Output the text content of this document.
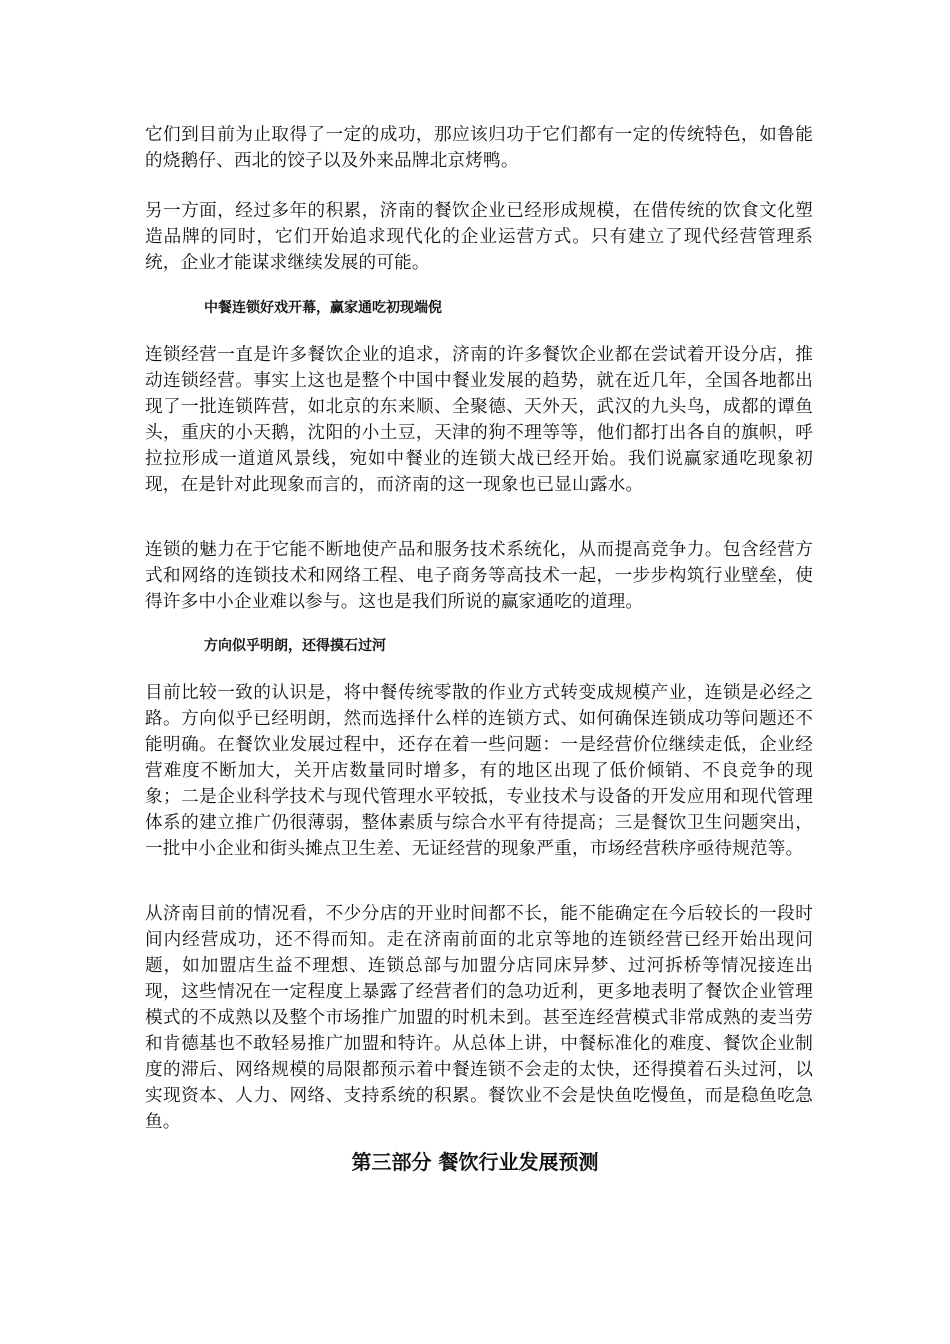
它们到目前为止取得了一定的成功，那应该归功于它们都有一定的传统特色，如鲁能的烧鹅仔、西北的饺子以及外来品牌北京烤鸭。

另一方面，经过多年的积累，济南的餐饮企业已经形成规模，在借传统的饮食文化塑造品牌的同时，它们开始追求现代化的企业运营方式。只有建立了现代经营管理系统，企业才能谋求继续发展的可能。

中餐连锁好戏开幕，赢家通吃初现端倪

连锁经营一直是许多餐饮企业的追求，济南的许多餐饮企业都在尝试着开设分店，推动连锁经营。事实上这也是整个中国中餐业发展的趋势，就在近几年，全国各地都出现了一批连锁阵营，如北京的东来顺、全聚德、天外天，武汉的九头鸟，成都的谭鱼头，重庆的小天鹅，沈阳的小土豆，天津的狗不理等等，他们都打出各自的旗帜，呼拉拉形成一道道风景线，宛如中餐业的连锁大战已经开始。我们说赢家通吃现象初现，在是针对此现象而言的，而济南的这一现象也已显山露水。

连锁的魅力在于它能不断地使产品和服务技术系统化，从而提高竞争力。包含经营方式和网络的连锁技术和网络工程、电子商务等高技术一起，一步步构筑行业壁垒，使得许多中小企业难以参与。这也是我们所说的赢家通吃的道理。

方向似乎明朗，还得摸石过河

目前比较一致的认识是，将中餐传统零散的作业方式转变成规模产业，连锁是必经之路。方向似乎已经明朗，然而选择什么样的连锁方式、如何确保连锁成功等问题还不能明确。在餐饮业发展过程中，还存在着一些问题：一是经营价位继续走低，企业经营难度不断加大，关开店数量同时增多，有的地区出现了低价倾销、不良竞争的现象；二是企业科学技术与现代管理水平较抵，专业技术与设备的开发应用和现代管理体系的建立推广仍很薄弱，整体素质与综合水平有待提高；三是餐饮卫生问题突出，一批中小企业和街头摊点卫生差、无证经营的现象严重，市场经营秩序亟待规范等。

从济南目前的情况看，不少分店的开业时间都不长，能不能确定在今后较长的一段时间内经营成功，还不得而知。走在济南前面的北京等地的连锁经营已经开始出现问题，如加盟店生益不理想、连锁总部与加盟分店同床异梦、过河拆桥等情况接连出现，这些情况在一定程度上暴露了经营者们的急功近利，更多地表明了餐饮企业管理模式的不成熟以及整个市场推广加盟的时机未到。甚至连经营模式非常成熟的麦当劳和肯德基也不敢轻易推广加盟和特许。从总体上讲，中餐标准化的难度、餐饮企业制度的滞后、网络规模的局限都预示着中餐连锁不会走的太快，还得摸着石头过河，以实现资本、人力、网络、支持系统的积累。餐饮业不会是快鱼吃慢鱼，而是稳鱼吃急鱼。

第三部分 餐饮行业发展预测
